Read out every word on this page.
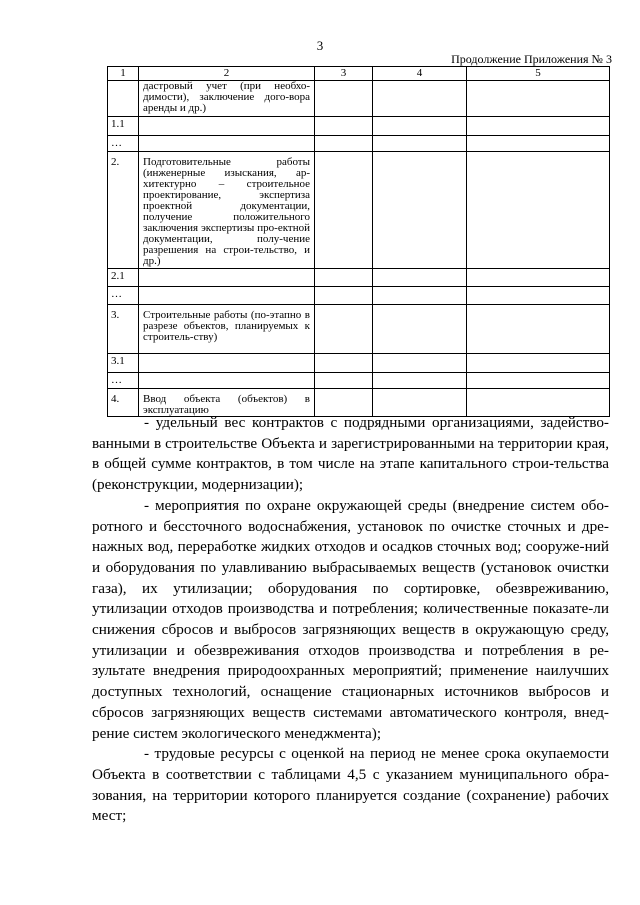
3
Продолжение Приложения № 3
1	2	3	4	5
	дастровый учет (при необхо-димости), заключение дого-вора аренды и др.)			
1.1				
…				
2.	Подготовительные работы (инженерные изыскания, ар-хитектурно – строительное проектирование, экспертиза проектной документации, получение положительного заключения экспертизы про-ектной документации, полу-чение разрешения на строи-тельство, и др.)			
2.1				
…				
3.	Строительные работы (по-этапно в разрезе объектов, планируемых к строитель-ству)			
3.1				
…				
4.	Ввод объекта (объектов) в эксплуатацию			

- удельный вес контрактов с подрядными организациями, задейство-ванными в строительстве Объекта и зарегистрированными на территории края, в общей сумме контрактов, в том числе на этапе капитального строи-тельства (реконструкции, модернизации);

- мероприятия по охране окружающей среды (внедрение систем обо-ротного и бессточного водоснабжения, установок по очистке сточных и дре-нажных вод, переработке жидких отходов и осадков сточных вод; сооруже-ний и оборудования по улавливанию выбрасываемых веществ (установок очистки газа), их утилизации; оборудования по сортировке, обезвреживанию, утилизации отходов производства и потребления; количественные показате-ли снижения сбросов и выбросов загрязняющих веществ в окружающую среду, утилизации и обезвреживания отходов производства и потребления в ре-зультате внедрения природоохранных мероприятий; применение наилучших доступных технологий, оснащение стационарных источников выбросов и сбросов загрязняющих веществ системами автоматического контроля, внед-рение систем экологического менеджмента);

- трудовые ресурсы с оценкой на период не менее срока окупаемости Объекта в соответствии с таблицами 4,5 с указанием муниципального обра-зования, на территории которого планируется создание (сохранение) рабочих мест;
